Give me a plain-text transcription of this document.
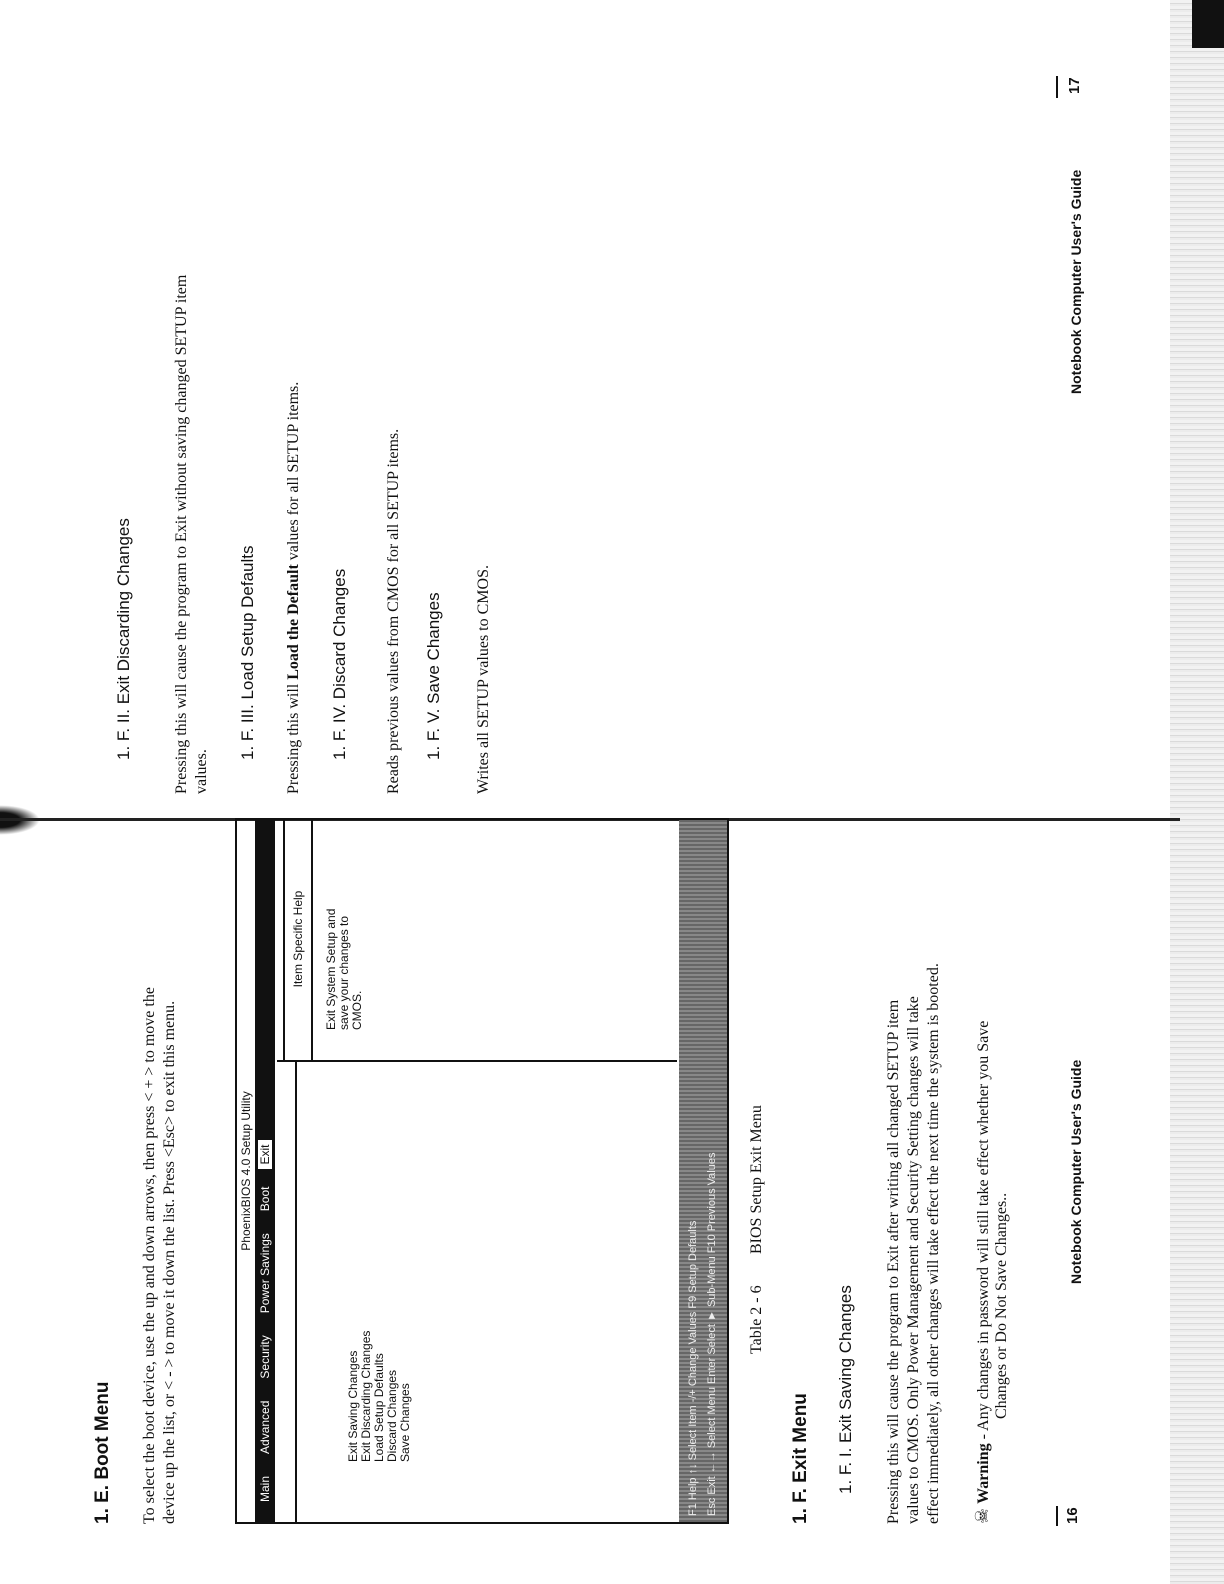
1. E. Boot Menu To select the boot device, use the up and down arrows, then press < + > to move the device up the list, or < - > to move it down the list. Press <Esc> to exit this menu.	PhoenixBIOS 4.0 Setup Utility
Main
Advanced
Security
Power Savings
Boot
Exit
Exit Saving Changes Exit Discarding Changes Load Setup Defaults Discard Changes Save Changes
Item Specific Help	Exit System Setup and save your changes to CMOS.
F1 Help ↑↓ Select Item -/+ Change Values F9 Setup Defaults Esc Exit ←→ Select Menu Enter Select ► Sub-Menu F10 Previous Values Table 2 - 6
BIOS Setup Exit Menu
1. F. Exit Menu 1. F. I. Exit Saving Changes Pressing this will cause the program to Exit after writing all changed SETUP item values to CMOS. Only Power Management and Security Setting changes will take effect immediately, all other changes will take effect the next time the system is booted. ☠ Warning - Any changes in password will still take effect whether you Save Changes or Do Not Save Changes..

16
Notebook Computer User's Guide
1. F. II. Exit Discarding Changes	Pressing this will cause the program to Exit without saving changed SETUP item values.

1. F. III. Load Setup Defaults Pressing this will Load the Default values for all SETUP items.

1. F. IV. Discard Changes Reads previous values from CMOS for all SETUP items. 1. F. V. Save Changes Writes all SETUP values to CMOS.

Notebook Computer User's Guide
17
